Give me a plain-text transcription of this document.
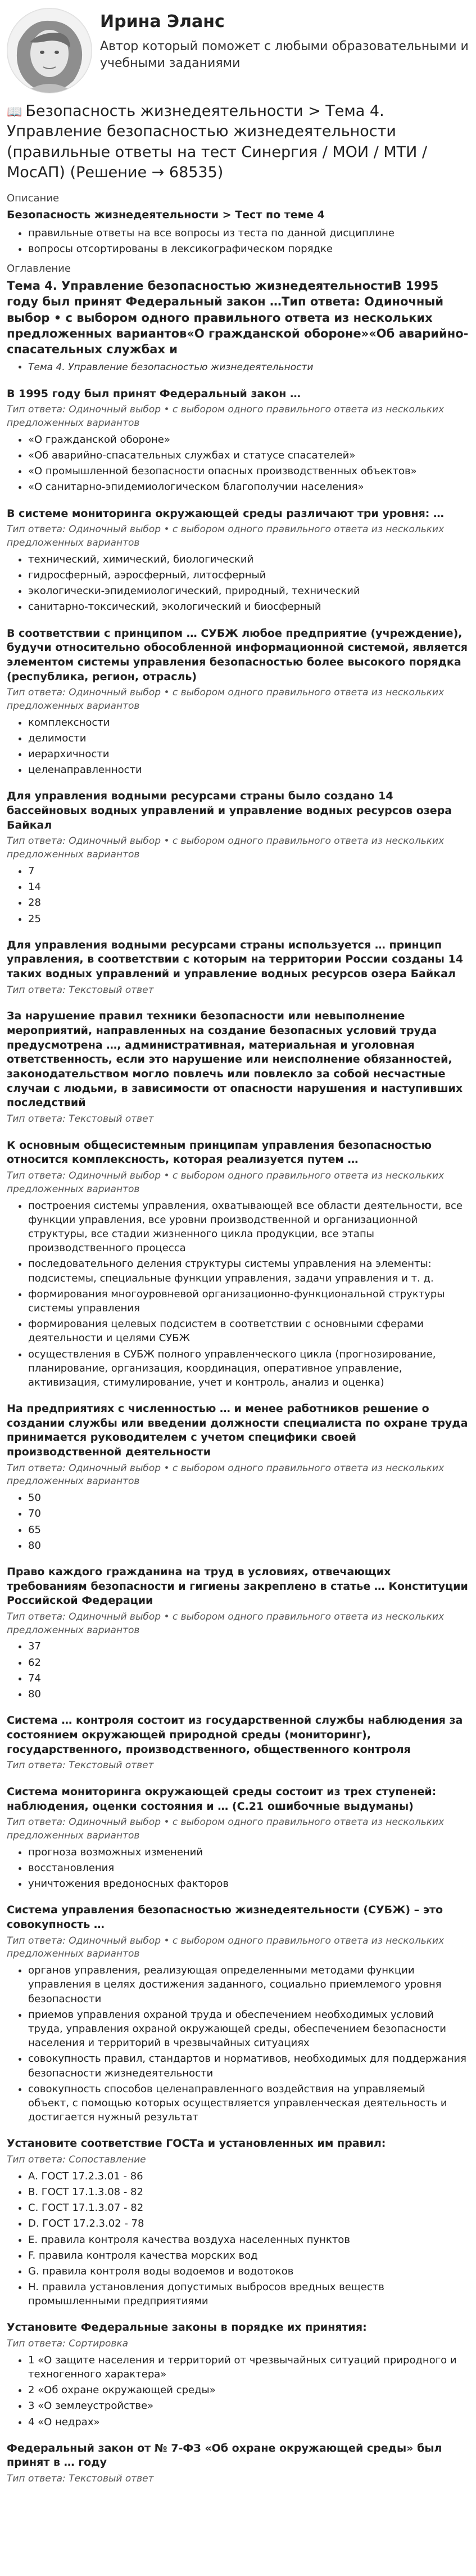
Ирина Эланс

Автор который поможет с любыми образовательными и учебными заданиями

📖 Безопасность жизнедеятельности > Тема 4. Управление безопасностью жизнедеятельности (правильные ответы на тест Синергия / МОИ / МТИ / МосАП) (Решение → 68535)
Описание
Безопасность жизнедеятельности > Тест по теме 4
• правильные ответы на все вопросы из теста по данной дисциплине
• вопросы отсортированы в лексикографическом порядке
Оглавление
Тема 4. Управление безопасностью жизнедеятельностиВ 1995 году был принят Федеральный закон …Тип ответа: Одиночный выбор • с выбором одного правильного ответа из нескольких предложенных вариантов«О гражданской обороне»«Об аварийно-спасательных службах и
• Тема 4. Управление безопасностью жизнедеятельности
В 1995 году был принят Федеральный закон …
Тип ответа: Одиночный выбор • с выбором одного правильного ответа из нескольких предложенных вариантов
• «О гражданской обороне»
• «Об аварийно-спасательных службах и статусе спасателей»
• «О промышленной безопасности опасных производственных объектов»
• «О санитарно-эпидемиологическом благополучии населения»
В системе мониторинга окружающей среды различают три уровня: …
Тип ответа: Одиночный выбор • с выбором одного правильного ответа из нескольких предложенных вариантов
• технический, химический, биологический
• гидросферный, аэросферный, литосферный
• экологически-эпидемиологический, природный, технический
• санитарно-токсический, экологический и биосферный
В соответствии с принципом … СУБЖ любое предприятие (учреждение), будучи относительно обособленной информационной системой, является элементом системы управления безопасностью более высокого порядка (республика, регион, отрасль)
Тип ответа: Одиночный выбор • с выбором одного правильного ответа из нескольких предложенных вариантов
• комплексности
• делимости
• иерархичности
• целенаправленности
Для управления водными ресурсами страны было создано 14 бассейновых водных управлений и управление водных ресурсов озера Байкал
Тип ответа: Одиночный выбор • с выбором одного правильного ответа из нескольких предложенных вариантов
• 7
• 14
• 28
• 25
Для управления водными ресурсами страны используется … принцип управления, в соответствии с которым на территории России созданы 14 таких водных управлений и управление водных ресурсов озера Байкал
Тип ответа: Текстовый ответ
За нарушение правил техники безопасности или невыполнение мероприятий, направленных на создание безопасных условий труда предусмотрена …, административная, материальная и уголовная ответственность, если это нарушение или неисполнение обязанностей, законодательством могло повлечь или повлекло за собой несчастные случаи с людьми, в зависимости от опасности нарушения и наступивших последствий
Тип ответа: Текстовый ответ
К основным общесистемным принципам управления безопасностью относится комплексность, которая реализуется путем …
Тип ответа: Одиночный выбор • с выбором одного правильного ответа из нескольких предложенных вариантов
• построения системы управления, охватывающей все области деятельности, все функции управления, все уровни производственной и организационной структуры, все стадии жизненного цикла продукции, все этапы производственного процесса
• последовательного деления структуры системы управления на элементы: подсистемы, специальные функции управления, задачи управления и т. д.
• формирования многоуровневой организационно-функциональной структуры системы управления
• формирования целевых подсистем в соответствии с основными сферами деятельности и целями СУБЖ
• осуществления в СУБЖ полного управленческого цикла (прогнозирование, планирование, организация, координация, оперативное управление, активизация, стимулирование, учет и контроль, анализ и оценка)
На предприятиях с численностью … и менее работников решение о создании службы или введении должности специалиста по охране труда принимается руководителем с учетом специфики своей производственной деятельности
Тип ответа: Одиночный выбор • с выбором одного правильного ответа из нескольких предложенных вариантов
• 50
• 70
• 65
• 80
Право каждого гражданина на труд в условиях, отвечающих требованиям безопасности и гигиены закреплено в статье … Конституции Российской Федерации
Тип ответа: Одиночный выбор • с выбором одного правильного ответа из нескольких предложенных вариантов
• 37
• 62
• 74
• 80
Система … контроля состоит из государственной службы наблюдения за состоянием окружающей природной среды (мониторинг), государственного, производственного, общественного контроля
Тип ответа: Текстовый ответ
Система мониторинга окружающей среды состоит из трех ступеней: наблюдения, оценки состояния и … (С.21 ошибочные выдуманы)
Тип ответа: Одиночный выбор • с выбором одного правильного ответа из нескольких предложенных вариантов
• прогноза возможных изменений
• восстановления
• уничтожения вредоносных факторов
Система управления безопасностью жизнедеятельности (СУБЖ) – это совокупность …
Тип ответа: Одиночный выбор • с выбором одного правильного ответа из нескольких предложенных вариантов
• органов управления, реализующая определенными методами функции управления в целях достижения заданного, социально приемлемого уровня безопасности
• приемов управления охраной труда и обеспечением необходимых условий труда, управления охраной окружающей среды, обеспечением безопасности населения и территорий в чрезвычайных ситуациях
• совокупность правил, стандартов и нормативов, необходимых для поддержания безопасности жизнедеятельности
• совокупность способов целенаправленного воздействия на управляемый объект, с помощью которых осуществляется управленческая деятельность и достигается нужный результат
Установите соответствие ГОСТа и установленных им правил:
Тип ответа: Сопоставление
• A. ГОСТ 17.2.3.01 - 86
• B. ГОСТ 17.1.3.08 - 82
• C. ГОСТ 17.1.3.07 - 82
• D. ГОСТ 17.2.3.02 - 78
• E. правила контроля качества воздуха населенных пунктов
• F. правила контроля качества морских вод
• G. правила контроля воды водоемов и водотоков
• H. правила установления допустимых выбросов вредных веществ промышленными предприятиями
Установите Федеральные законы в порядке их принятия:
Тип ответа: Сортировка
• 1 «О защите населения и территорий от чрезвычайных ситуаций природного и техногенного характера»
• 2 «Об охране окружающей среды»
• 3 «О землеустройстве»
• 4 «О недрах»
Федеральный закон от № 7-ФЗ «Об охране окружающей среды» был принят в … году
Тип ответа: Текстовый ответ
